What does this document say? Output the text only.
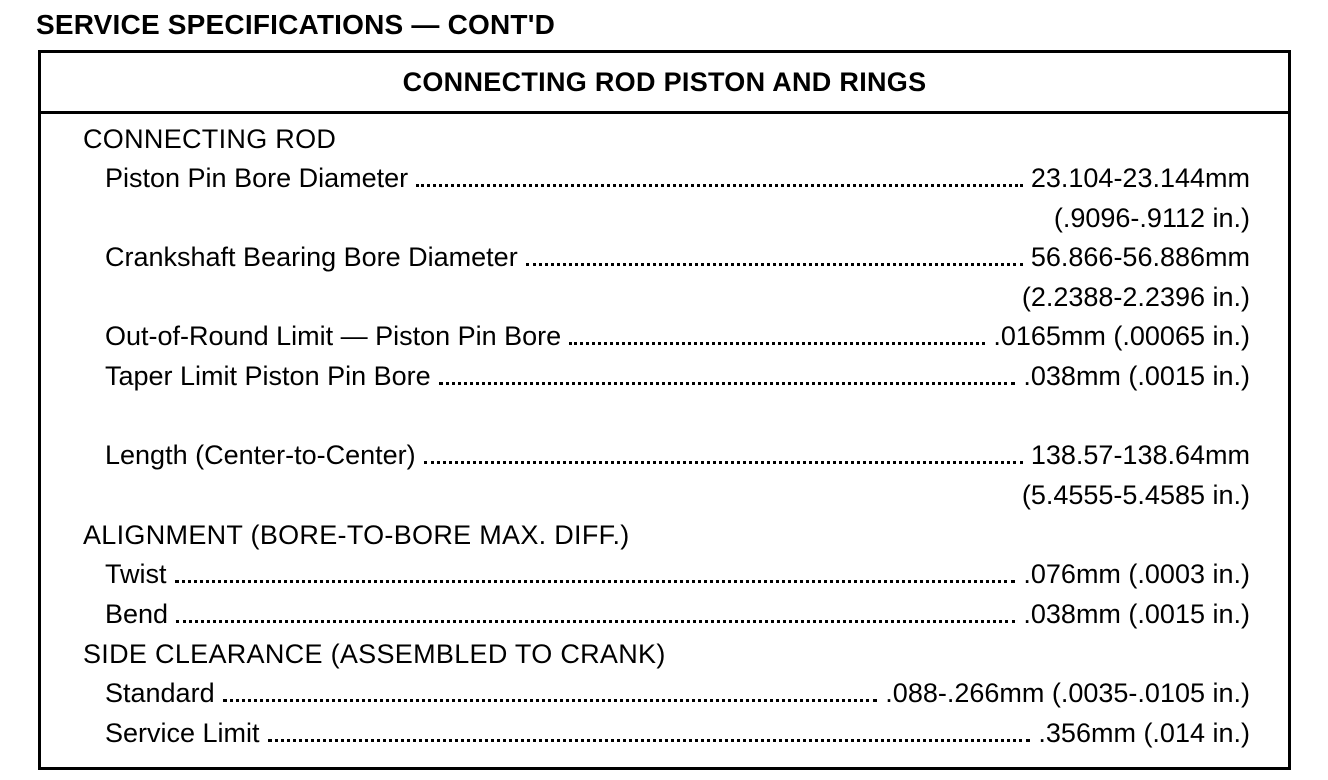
SERVICE SPECIFICATIONS — CONT'D
CONNECTING ROD PISTON AND RINGS
CONNECTING ROD
Piston Pin Bore Diameter	23.104-23.144mm
(.9096-.9112 in.)
Crankshaft Bearing Bore Diameter	56.866-56.886mm
(2.2388-2.2396 in.)
Out-of-Round Limit — Piston Pin Bore	.0165mm (.00065 in.)
Taper Limit Piston Pin Bore	.038mm (.0015 in.)
Length (Center-to-Center)	138.57-138.64mm
(5.4555-5.4585 in.)
ALIGNMENT (BORE-TO-BORE MAX. DIFF.)
Twist	.076mm (.0003 in.)
Bend	.038mm (.0015 in.)
SIDE CLEARANCE (ASSEMBLED TO CRANK)
Standard	.088-.266mm (.0035-.0105 in.)
Service Limit	.356mm (.014 in.)
